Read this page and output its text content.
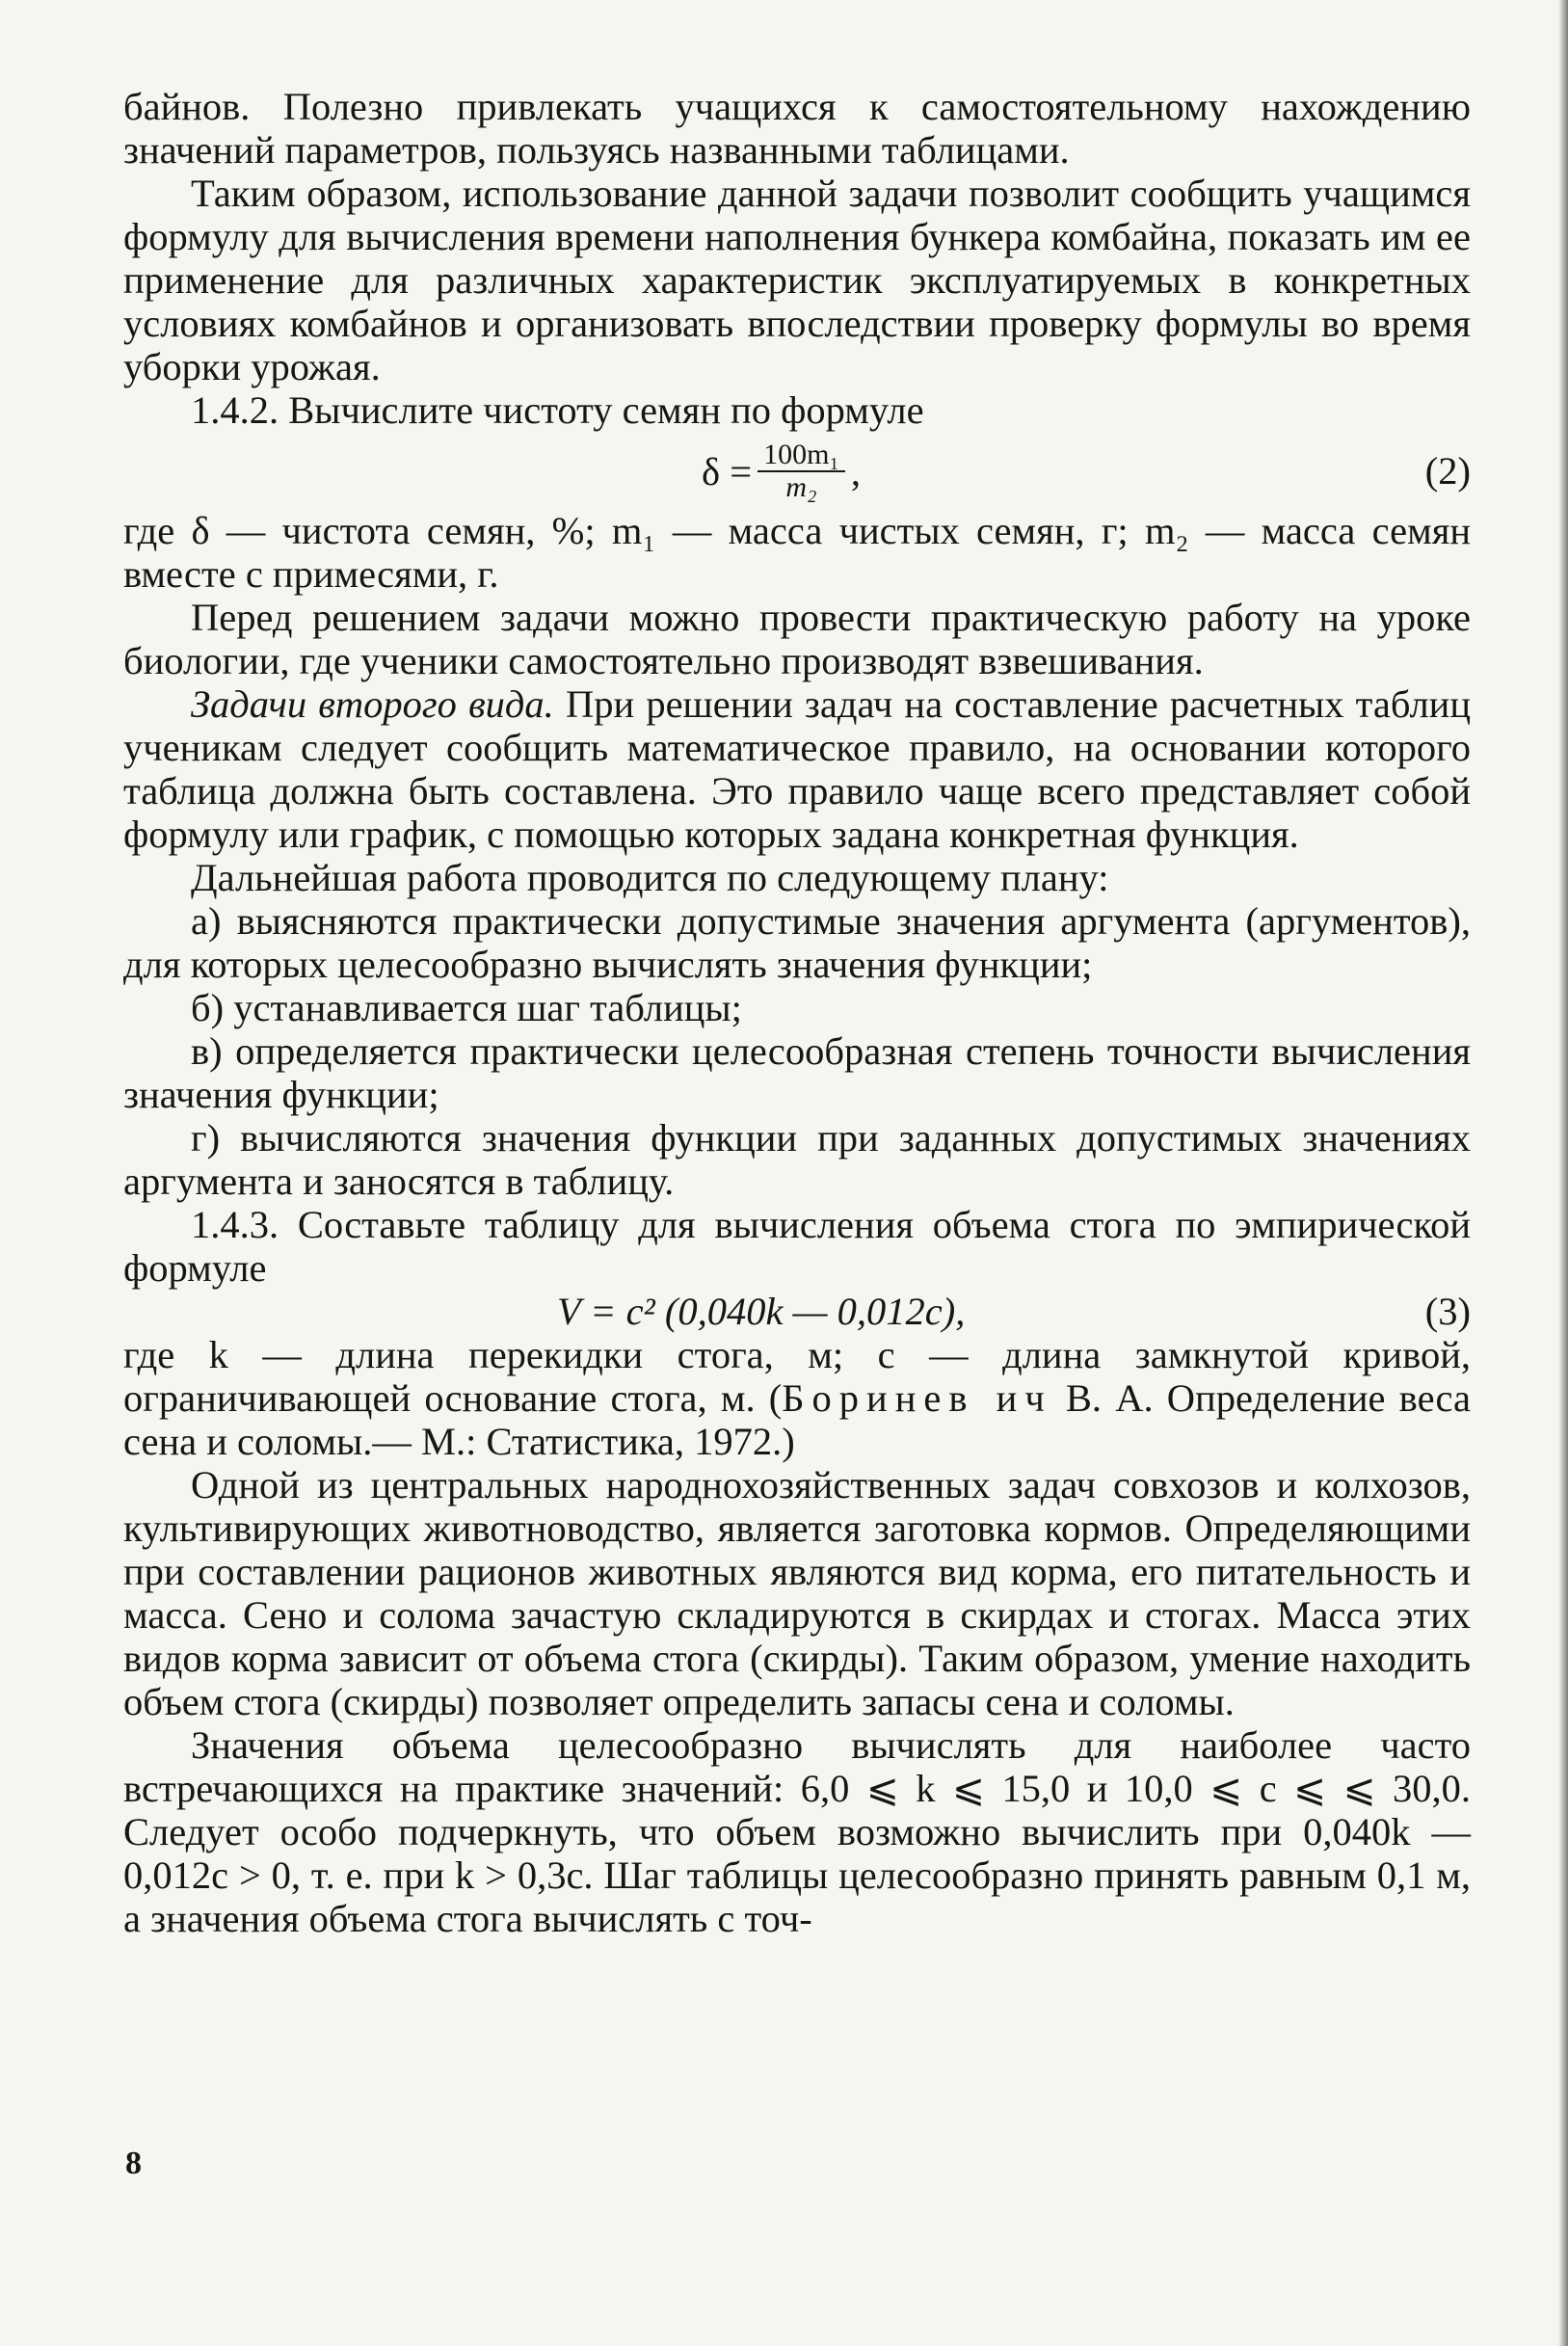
байнов. Полезно привлекать учащихся к самостоятельному нахождению значений параметров, пользуясь названными таблицами.

Таким образом, использование данной задачи позволит сообщить учащимся формулу для вычисления времени наполнения бункера комбайна, показать им ее применение для различных характеристик эксплуатируемых в конкретных условиях комбайнов и организовать впоследствии проверку формулы во время уборки урожая.

1.4.2. Вычислите чистоту семян по формуле

$\delta = \frac{\text{100m₁}}{\text{m₂}}$ ,	(2)

где δ — чистота семян, %; m₁ — масса чистых семян, г; m₂ — масса семян вместе с примесями, г.

Перед решением задачи можно провести практическую работу на уроке биологии, где ученики самостоятельно производят взвешивания.

Задачи второго вида. При решении задач на составление расчетных таблиц ученикам следует сообщить математическое правило, на основании которого таблица должна быть составлена. Это правило чаще всего представляет собой формулу или график, с помощью которых задана конкретная функция.

Дальнейшая работа проводится по следующему плану:

а) выясняются практически допустимые значения аргумента (аргументов), для которых целесообразно вычислять значения функции;

б) устанавливается шаг таблицы;

в) определяется практически целесообразная степень точности вычисления значения функции;

г) вычисляются значения функции при заданных допустимых значениях аргумента и заносятся в таблицу.

1.4.3. Составьте таблицу для вычисления объема стога по эмпирической формуле

V = c² (0,040k — 0,012c),	(3)

где k — длина перекидки стога, м; c — длина замкнутой кривой, ограничивающей основание стога, м. (Боринев ич В. А. Определение веса сена и соломы.— М.: Статистика, 1972.)

Одной из центральных народнохозяйственных задач совхозов и колхозов, культивирующих животноводство, является заготовка кормов. Определяющими при составлении рационов животных являются вид корма, его питательность и масса. Сено и солома зачастую складируются в скирдах и стогах. Масса этих видов корма зависит от объема стога (скирды). Таким образом, умение находить объем стога (скирды) позволяет определить запасы сена и соломы.

Значения объема целесообразно вычислять для наиболее часто встречающихся на практике значений: 6,0 ⩽ k ⩽ 15,0 и 10,0 ⩽ c ⩽ ⩽ 30,0. Следует особо подчеркнуть, что объем возможно вычислить при 0,040k — 0,012c > 0, т. е. при k > 0,3c. Шаг таблицы целесообразно принять равным 0,1 м, а значения объема стога вычислять с точ-

8
